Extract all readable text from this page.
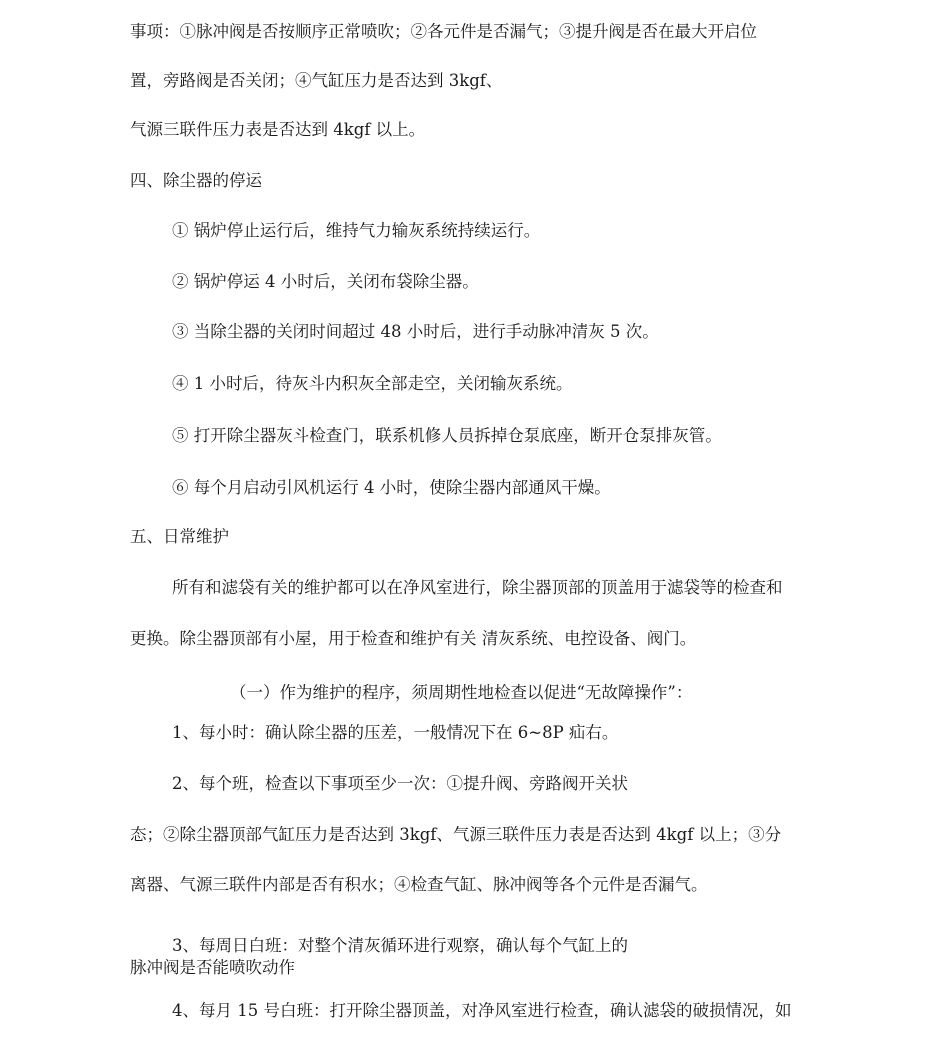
事项：①脉冲阀是否按顺序正常喷吹；②各元件是否漏气；③提升阀是否在最大开启位
置，旁路阀是否关闭；④气缸压力是否达到 3kgf、
气源三联件压力表是否达到 4kgf 以上。
四、除尘器的停运
① 锅炉停止运行后，维持气力输灰系统持续运行。
② 锅炉停运 4 小时后，关闭布袋除尘器。
③ 当除尘器的关闭时间超过 48 小时后，进行手动脉冲清灰 5 次。
④ 1 小时后，待灰斗内积灰全部走空，关闭输灰系统。
⑤ 打开除尘器灰斗检查门，联系机修人员拆掉仓泵底座，断开仓泵排灰管。
⑥ 每个月启动引风机运行 4 小时，使除尘器内部通风干燥。
五、日常维护
所有和滤袋有关的维护都可以在净风室进行，除尘器顶部的顶盖用于滤袋等的检查和
更换。除尘器顶部有小屋，用于检查和维护有关 清灰系统、电控设备、阀门。
（一）作为维护的程序，须周期性地检查以促进“无故障操作”：
1、每小时：确认除尘器的压差，一般情况下在 6~8P 疝右。
2、每个班，检查以下事项至少一次：①提升阀、旁路阀开关状
态；②除尘器顶部气缸压力是否达到 3kgf、气源三联件压力表是否达到 4kgf 以上；③分
离器、气源三联件内部是否有积水；④检查气缸、脉冲阀等各个元件是否漏气。
3、每周日白班：对整个清灰循环进行观察，确认每个气缸上的
脉冲阀是否能喷吹动作
4、每月 15 号白班：打开除尘器顶盖，对净风室进行检查，确认滤袋的破损情况，如
